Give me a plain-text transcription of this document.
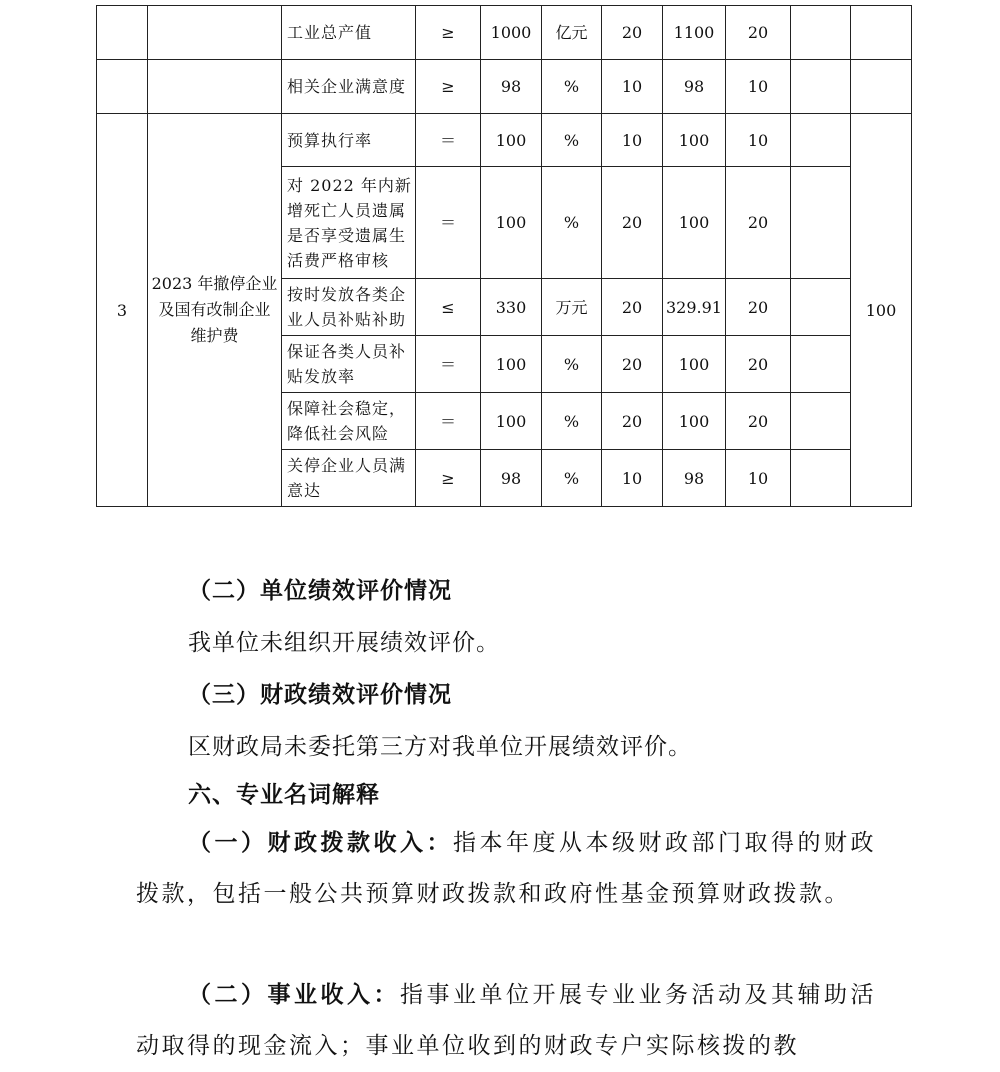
		工业总产值	≥	1000	亿元	20	1100	20		
		相关企业满意度	≥	98	%	10	98	10		
3	2023 年撤停企业及国有改制企业维护费	预算执行率	＝	100	%	10	100	10		100
		对 2022 年内新增死亡人员遗属是否享受遗属生活费严格审核	＝	100	%	20	100	20		
		按时发放各类企业人员补贴补助	≤	330	万元	20	329.91	20		
		保证各类人员补贴发放率	＝	100	%	20	100	20		
		保障社会稳定，降低社会风险	＝	100	%	20	100	20		
		关停企业人员满意达	≥	98	%	10	98	10		
（二）单位绩效评价情况
我单位未组织开展绩效评价。
（三）财政绩效评价情况
区财政局未委托第三方对我单位开展绩效评价。
六、专业名词解释
（一）财政拨款收入：指本年度从本级财政部门取得的财政拨款，包括一般公共预算财政拨款和政府性基金预算财政拨款。
（二）事业收入：指事业单位开展专业业务活动及其辅助活动取得的现金流入；事业单位收到的财政专户实际核拨的教
